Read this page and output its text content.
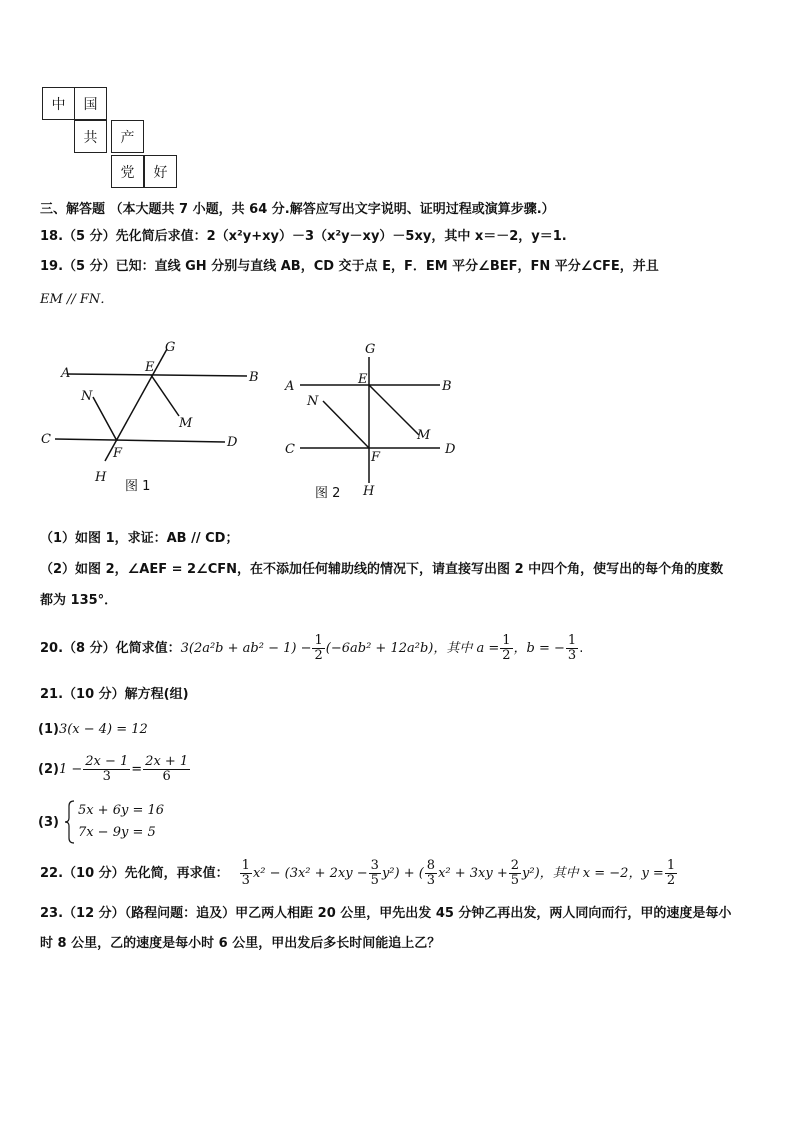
中	国
共	产
党	好
三、解答题 （本大题共 7 小题，共 64 分.解答应写出文字说明、证明过程或演算步骤.）
18.（5 分）先化简后求值：2（x²y+xy）－3（x²y－xy）－5xy，其中 x＝－2，y＝1.
19.（5 分）已知：直线 GH 分别与直线 AB，CD 交于点 E，F．EM 平分∠BEF，FN 平分∠CFE，并且
EM // FN．
A	B
C	D
E
F
G
H
M
N
图 1
A	B
C	D
E
F
G
H
M
N
图 2
（1）如图 1，求证：AB // CD；
（2）如图 2，∠AEF = 2∠CFN，在不添加任何辅助线的情况下，请直接写出图 2 中四个角，使写出的每个角的度数
都为 135°．
20.（8 分）化简求值： $3(2a^2b + ab^2 - 1) - \frac{1}{2} (-6ab^2 + 12a^2b)$，其中 $a = \frac{1}{2}$ ，b = − $\frac{1}{3}$ .
21.（10 分）解方程(组)
(1)3(x − 4) = 12
(2) $1 - \frac{2x - 1}{3} = \frac{2x + 1}{6}$
(3)
5x + 6y = 16
7x − 9y = 5
22.（10 分）先化简，再求值： $\frac{1}{3} x^2 - (3x^2 + 2xy - \frac{3}{5} y^2)$ + ( $\frac{8}{3} x^2 + 3xy + \frac{2}{5} y^2$)，其中 x = −2，$y = \frac{1}{2}$
23.（12 分）（路程问题：追及）甲乙两人相距 20 公里，甲先出发 45 分钟乙再出发，两人同向而行，甲的速度是每小
时 8 公里，乙的速度是每小时 6 公里，甲出发后多长时间能追上乙？
